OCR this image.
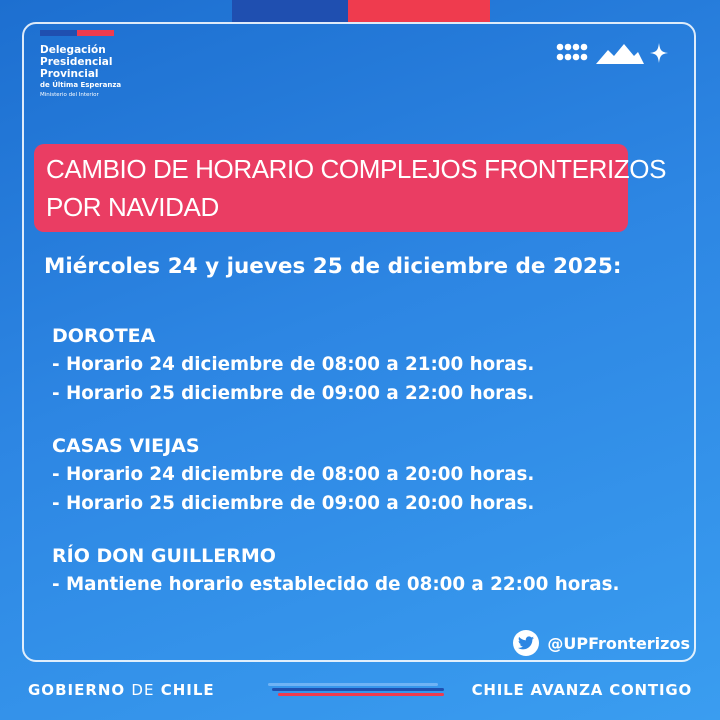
Delegación
Presidencial
Provincial
de Última Esperanza
Ministerio del Interior
CAMBIO DE HORARIO COMPLEJOS FRONTERIZOS
POR NAVIDAD
Miércoles 24 y jueves 25 de diciembre de 2025:
DOROTEA
- Horario 24 diciembre de 08:00 a 21:00 horas.
- Horario 25 diciembre de 09:00 a 22:00 horas.
CASAS VIEJAS
- Horario 24 diciembre de 08:00 a 20:00 horas.
- Horario 25 diciembre de 09:00 a 20:00 horas.
RÍO DON GUILLERMO
- Mantiene horario establecido de 08:00 a 22:00 horas.
@UPFronterizos
GOBIERNO DE CHILE	CHILE AVANZA CONTIGO
